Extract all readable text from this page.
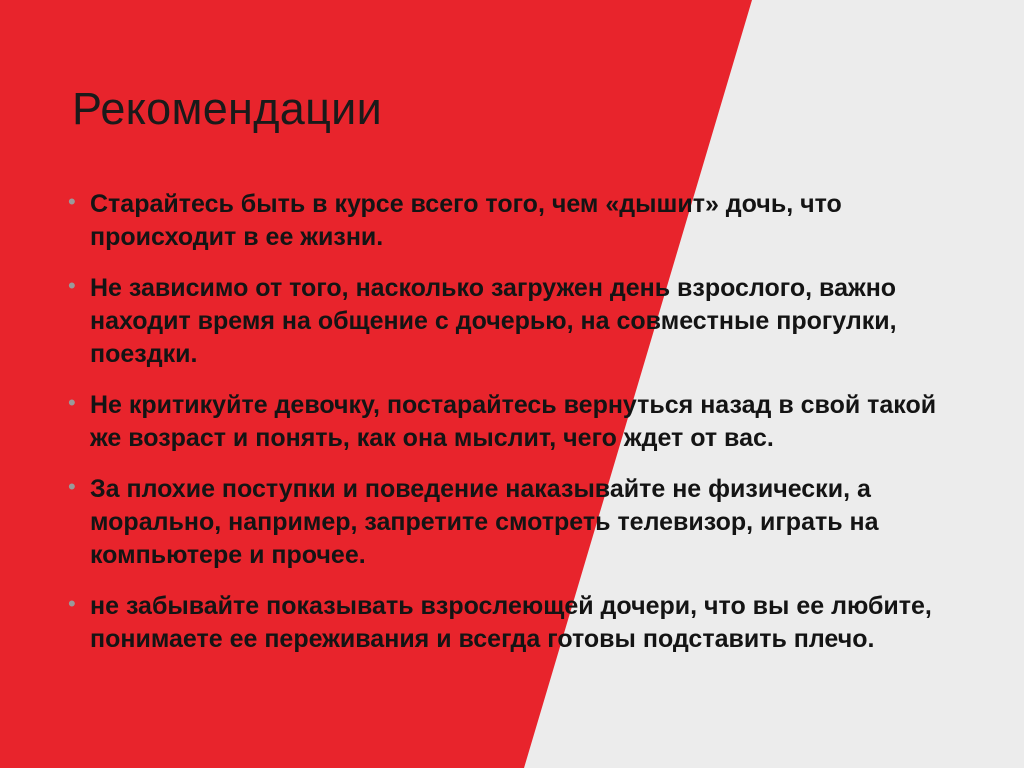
Рекомендации
• Старайтесь быть в курсе всего того, чем «дышит» дочь, что происходит в ее жизни.
• Не зависимо от того, насколько загружен день взрослого, важно находит время на общение с дочерью, на совместные прогулки, поездки.
• Не критикуйте девочку, постарайтесь вернуться назад в свой такой же возраст и понять, как она мыслит, чего ждет от вас.
• За плохие поступки и поведение наказывайте не физически, а морально, например, запретите смотреть телевизор, играть на компьютере и прочее.
• не забывайте показывать взрослеющей дочери, что вы ее любите, понимаете ее переживания и всегда готовы подставить плечо.
